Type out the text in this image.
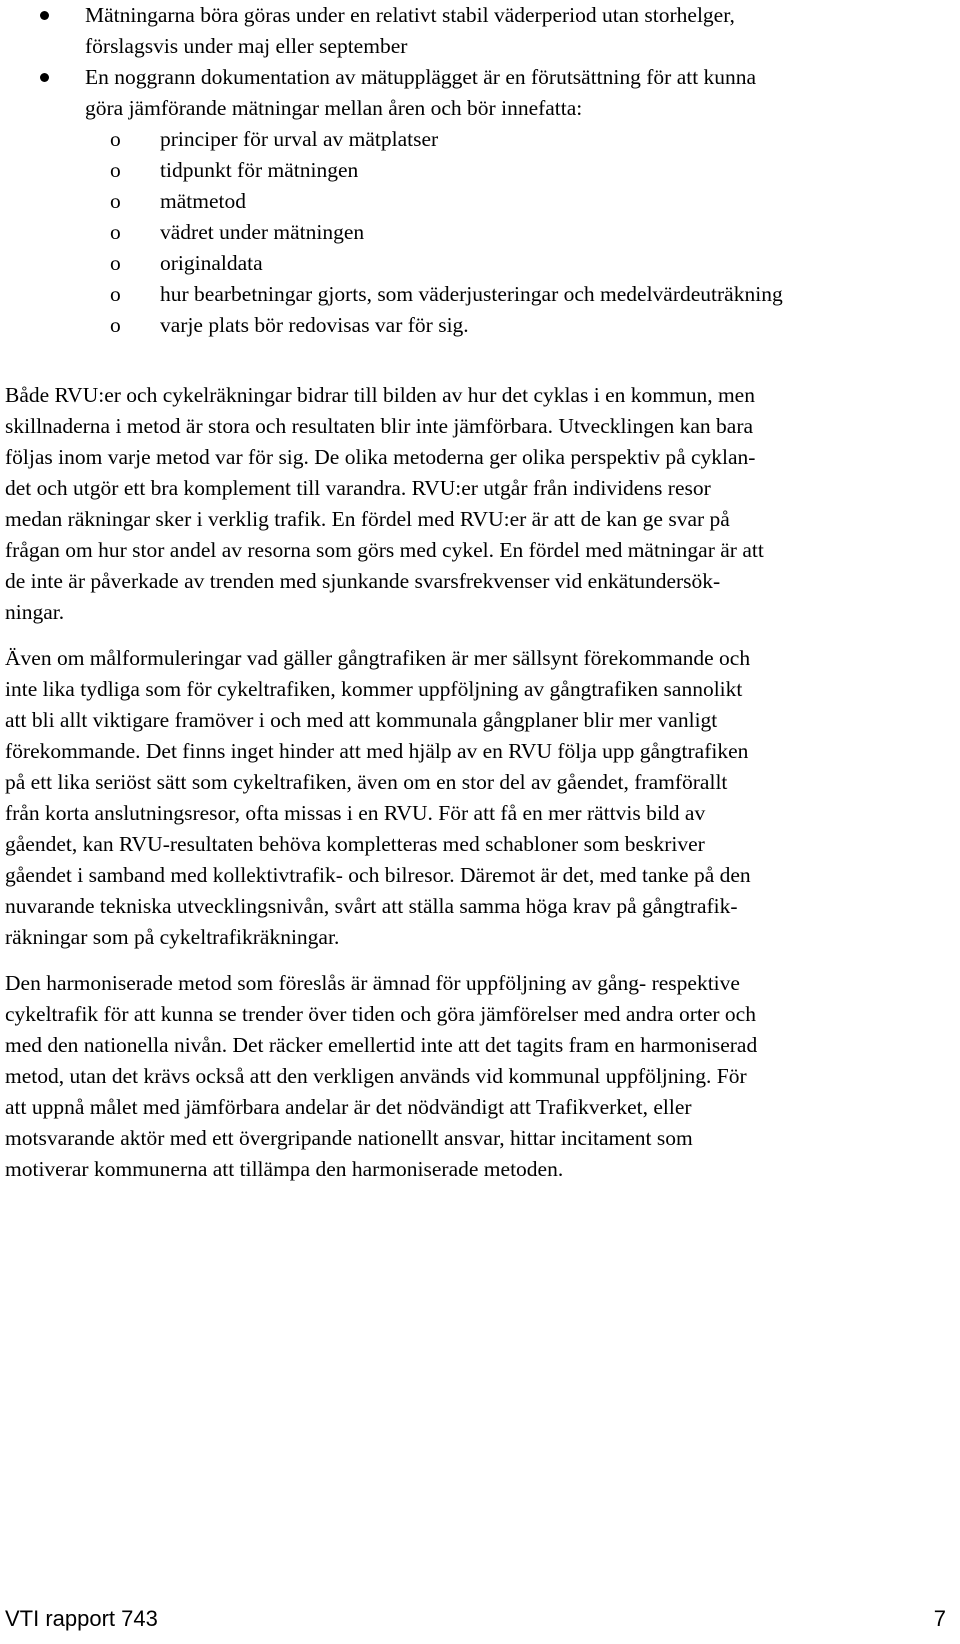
Mätningarna böra göras under en relativt stabil väderperiod utan storhelger,
förslagsvis under maj eller september
En noggrann dokumentation av mätupplägget är en förutsättning för att kunna
göra jämförande mätningar mellan åren och bör innefatta:
o principer för urval av mätplatser
o tidpunkt för mätningen
o mätmetod
o vädret under mätningen
o originaldata
o hur bearbetningar gjorts, som väderjusteringar och medelvärdeuträkning
o varje plats bör redovisas var för sig.
Både RVU:er och cykelräkningar bidrar till bilden av hur det cyklas i en kommun, men
skillnaderna i metod är stora och resultaten blir inte jämförbara. Utvecklingen kan bara
följas inom varje metod var för sig. De olika metoderna ger olika perspektiv på cyklan-
det och utgör ett bra komplement till varandra. RVU:er utgår från individens resor
medan räkningar sker i verklig trafik. En fördel med RVU:er är att de kan ge svar på
frågan om hur stor andel av resorna som görs med cykel. En fördel med mätningar är att
de inte är påverkade av trenden med sjunkande svarsfrekvenser vid enkätundersök-
ningar.
Även om målformuleringar vad gäller gångtrafiken är mer sällsynt förekommande och
inte lika tydliga som för cykeltrafiken, kommer uppföljning av gångtrafiken sannolikt
att bli allt viktigare framöver i och med att kommunala gångplaner blir mer vanligt
förekommande. Det finns inget hinder att med hjälp av en RVU följa upp gångtrafiken
på ett lika seriöst sätt som cykeltrafiken, även om en stor del av gåendet, framförallt
från korta anslutningsresor, ofta missas i en RVU. För att få en mer rättvis bild av
gåendet, kan RVU-resultaten behöva kompletteras med schabloner som beskriver
gåendet i samband med kollektivtrafik- och bilresor. Däremot är det, med tanke på den
nuvarande tekniska utvecklingsnivån, svårt att ställa samma höga krav på gångtrafik-
räkningar som på cykeltrafikräkningar.
Den harmoniserade metod som föreslås är ämnad för uppföljning av gång- respektive
cykeltrafik för att kunna se trender över tiden och göra jämförelser med andra orter och
med den nationella nivån. Det räcker emellertid inte att det tagits fram en harmoniserad
metod, utan det krävs också att den verkligen används vid kommunal uppföljning. För
att uppnå målet med jämförbara andelar är det nödvändigt att Trafikverket, eller
motsvarande aktör med ett övergripande nationellt ansvar, hittar incitament som
motiverar kommunerna att tillämpa den harmoniserade metoden.
VTI rapport 743	7
